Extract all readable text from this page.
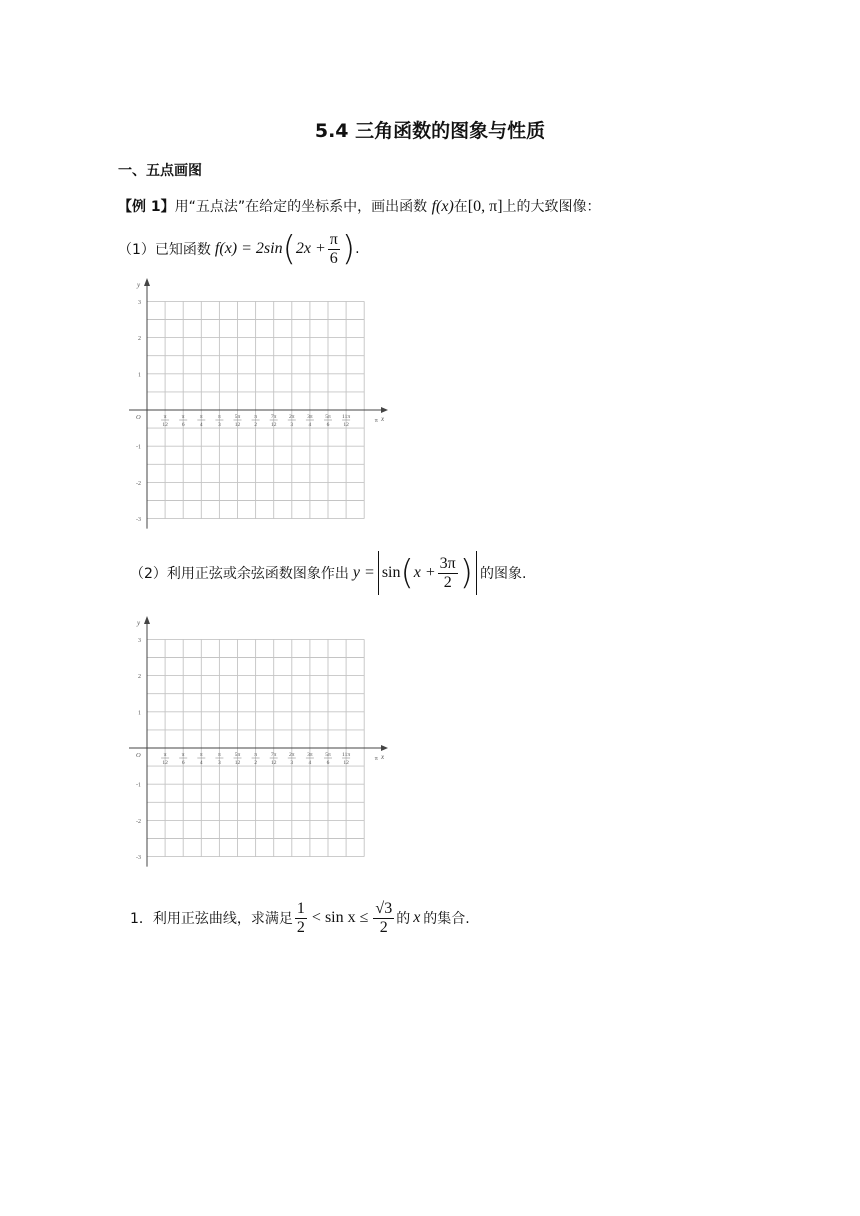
5.4 三角函数的图象与性质
一、五点画图
【例 1】用“五点法”在给定的坐标系中，画出函数 f(x)在[0, π]上的大致图像：
（1）已知函数 f(x) = 2sin ( $2x + \frac{\pi}{6}$ ) .
y
x
O
3
2
1
-1
-2
-3
π
12
π
6
π
4
π
3
5π
12
π
2
7π
12
2π
3
3π
4
5π
6
11π
12
π
（2）利用正弦或余弦函数图象作出 y = sin ( $x + \frac{3\pi}{2}$ ) 的图象.
y
x
O
3
2
1
-1
-2
-3
π
12
π
6
π
4
π
3
5π
12
π
2
7π
12
2π
3
3π
4
5π
6
11π
12
π
1．利用正弦曲线，求满足 $\frac{1}{2} < \sin x \le \frac{√3}{2}$ 的 x 的集合.
